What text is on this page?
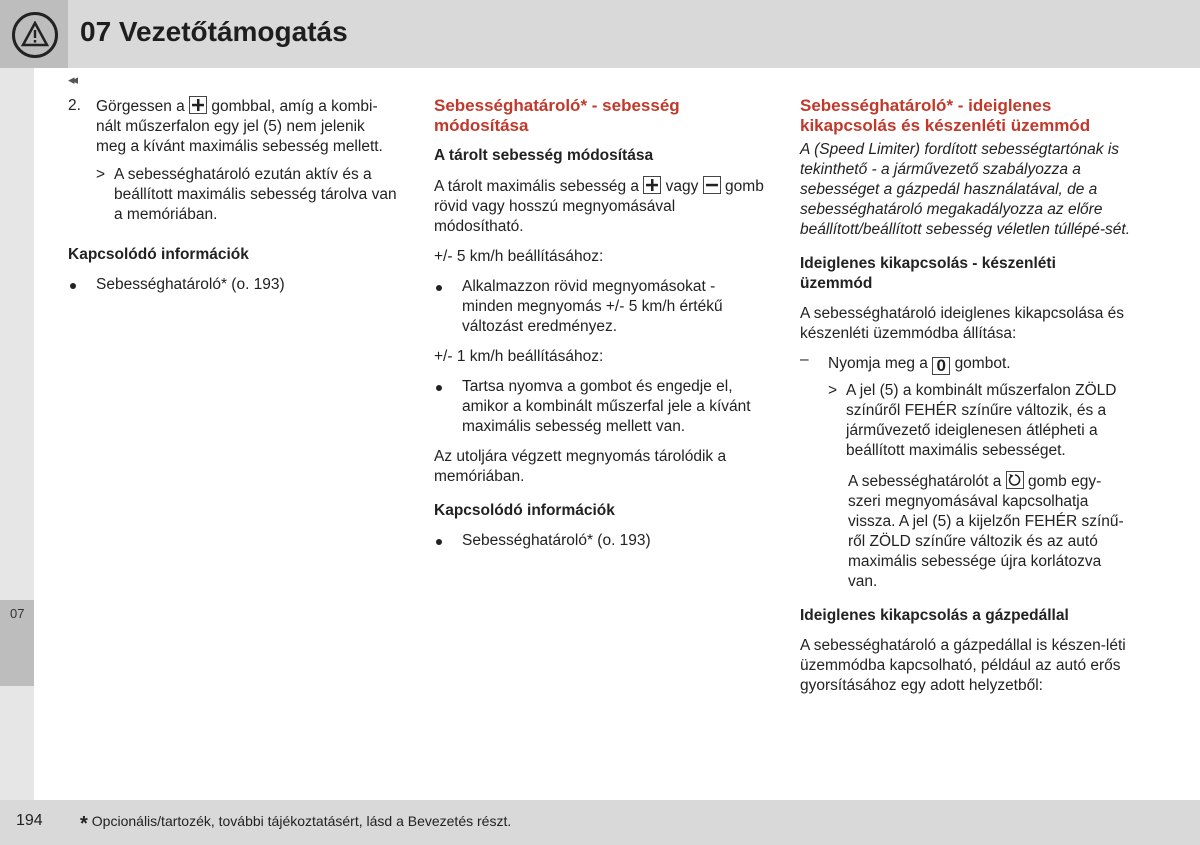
07 Vezetőtámogatás
07
◂◂
2. Görgessen a gombbal, amíg a kombi-nált műszerfalon egy jel (5) nem jelenik meg a kívánt maximális sebesség mellett.
> A sebességhatároló ezután aktív és a beállított maximális sebesség tárolva van a memóriában.

Kapcsolódó információk

Sebességhatároló* (o. 193)

Sebességhatároló* - sebesség módosítása

A tárolt sebesség módosítása

A tárolt maximális sebesség a vagy gomb rövid vagy hosszú megnyomásával módosítható.

+/- 5 km/h beállításához:

Alkalmazzon rövid megnyomásokat - minden megnyomás +/- 5 km/h értékű változást eredményez.

+/- 1 km/h beállításához:

Tartsa nyomva a gombot és engedje el, amikor a kombinált műszerfal jele a kívánt maximális sebesség mellett van.

Az utoljára végzett megnyomás tárolódik a memóriában.

Kapcsolódó információk

Sebességhatároló* (o. 193)

Sebességhatároló* - ideiglenes kikapcsolás és készenléti üzemmód

A (Speed Limiter) fordított sebességtartónak is tekinthető - a járművezető szabályozza a sebességet a gázpedál használatával, de a sebességhatároló megakadályozza az előre beállított/beállított sebesség véletlen túllépé-sét.

Ideiglenes kikapcsolás - készenléti üzemmód

A sebességhatároló ideiglenes kikapcsolása és készenléti üzemmódba állítása:

– Nyomja meg a 0 gombot.
> A jel (5) a kombinált műszerfalon ZÖLD színűről FEHÉR színűre változik, és a járművezető ideiglenesen átlépheti a beállított maximális sebességet.

A sebességhatárolót a gomb egy-szeri megnyomásával kapcsolhatja vissza. A jel (5) a kijelzőn FEHÉR színű-ről ZÖLD színűre változik és az autó maximális sebessége újra korlátozva van.

Ideiglenes kikapcsolás a gázpedállal

A sebességhatároló a gázpedállal is készen-léti üzemmódba kapcsolható, például az autó erős gyorsításához egy adott helyzetből:

194 * Opcionális/tartozék, további tájékoztatásért, lásd a Bevezetés részt.
